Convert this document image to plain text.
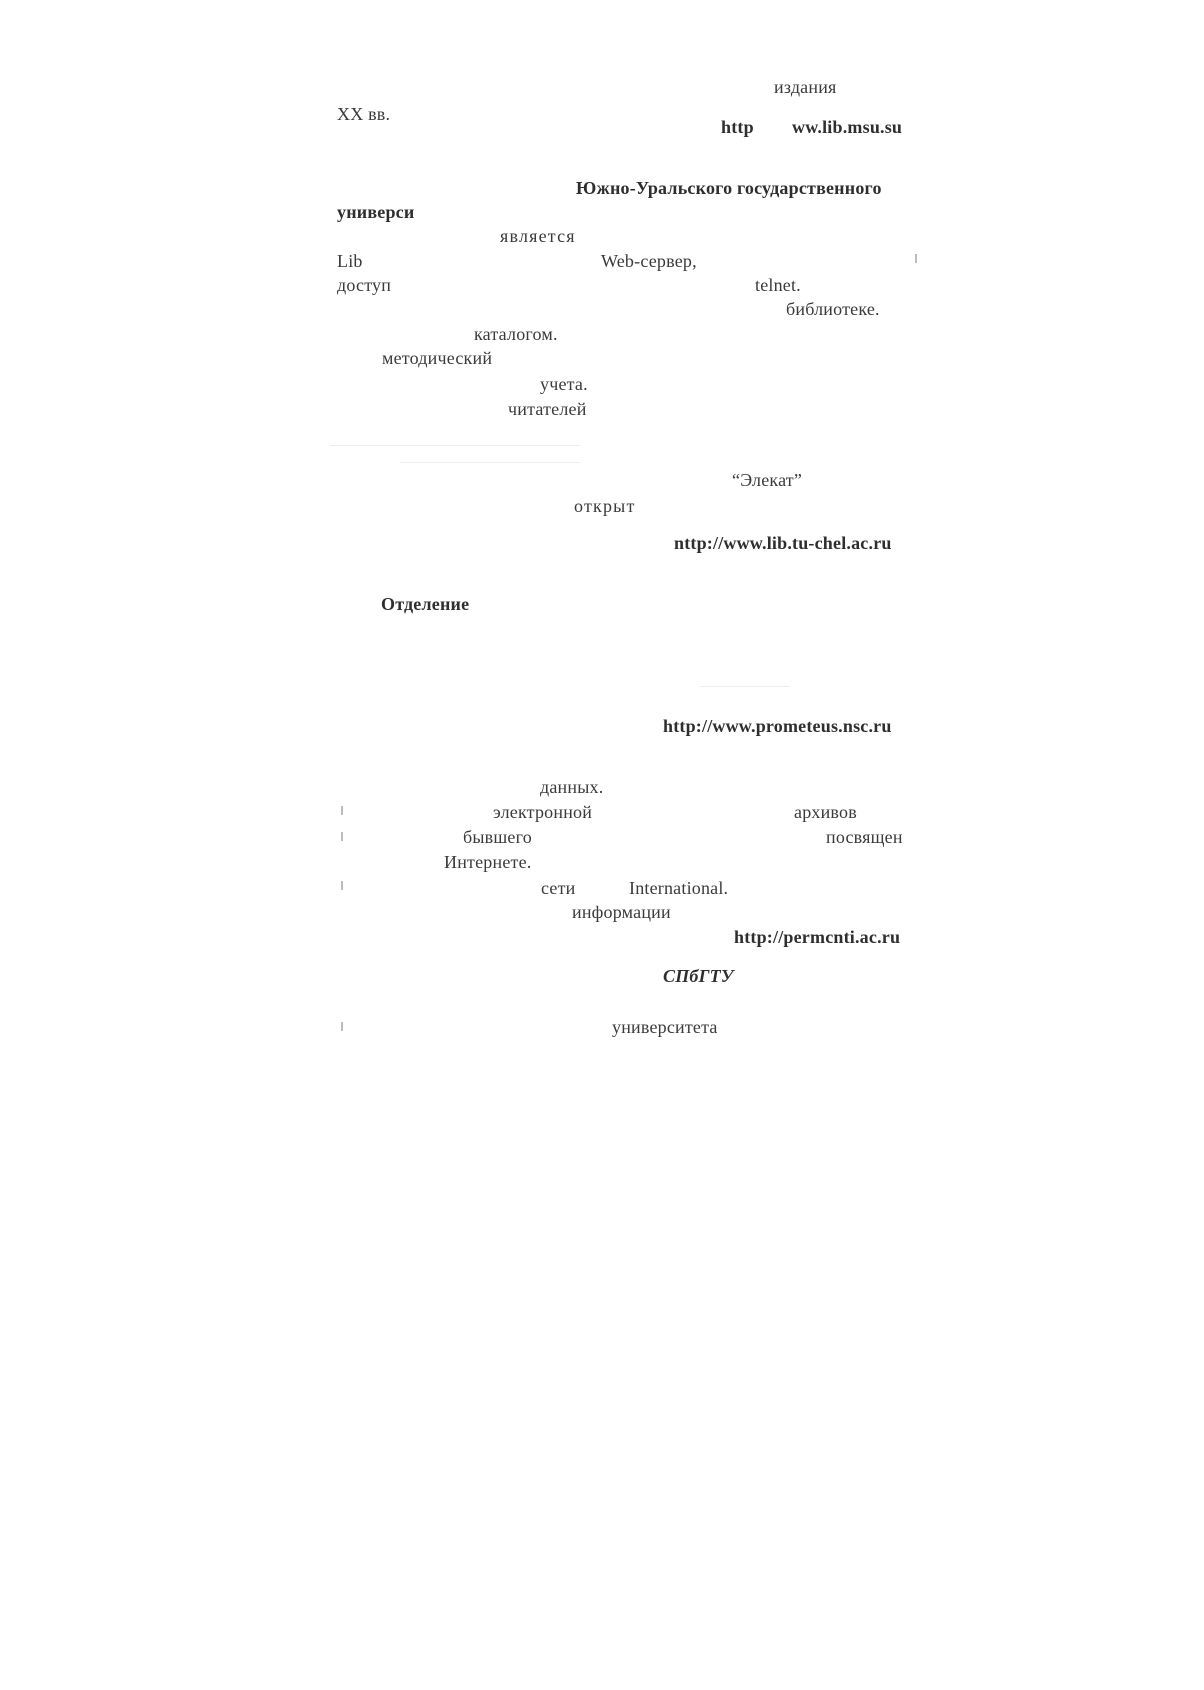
издания
XX вв.
http ww.lib.msu.su
Южно-Уральского государственного
универси
является
Lib	Web-сервер,
доступ	telnet.
библиотеке.
каталогом.
методический
учета.
читателей
“Элекат”
открыт
nttp://www.lib.tu-chel.ac.ru
Отделение
http://www.prometeus.nsc.ru
данных.
электронной	архивов
бывшего	посвящен
Интернете.
сети	International.
информации
http://permcnti.ac.ru
СПбГТУ
университета
